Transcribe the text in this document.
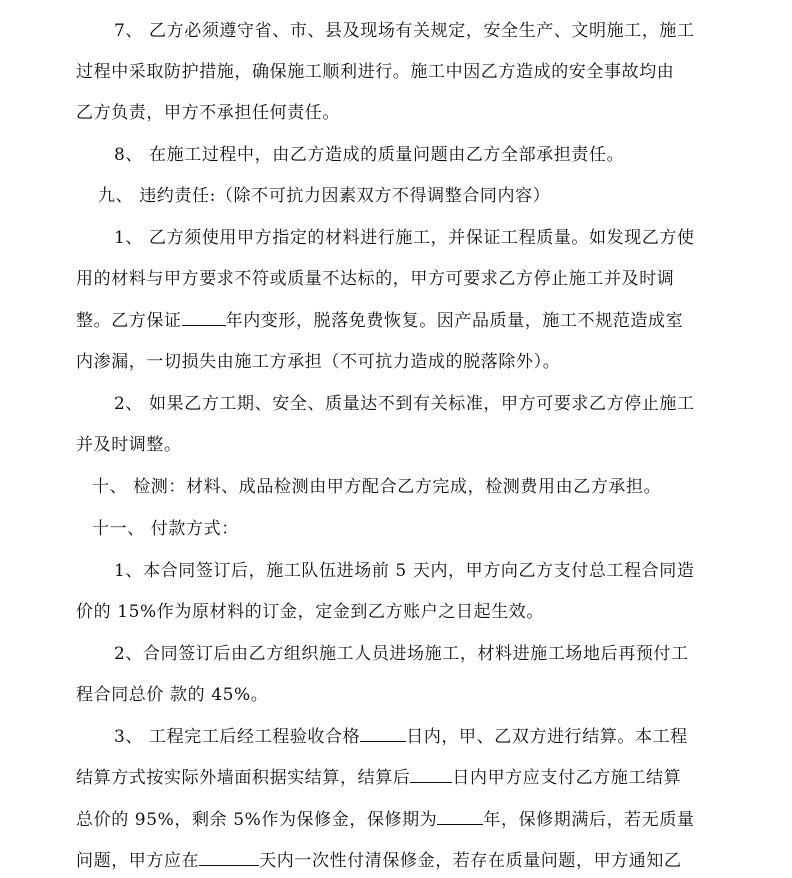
7、 乙方必须遵守省、市、县及现场有关规定，安全生产、文明施工，施工
过程中采取防护措施，确保施工顺利进行。施工中因乙方造成的安全事故均由
乙方负责，甲方不承担任何责任。
8、 在施工过程中，由乙方造成的质量问题由乙方全部承担责任。
九、 违约责任:（除不可抗力因素双方不得调整合同内容）
1、 乙方须使用甲方指定的材料进行施工，并保证工程质量。如发现乙方使
用的材料与甲方要求不符或质量不达标的，甲方可要求乙方停止施工并及时调
整。乙方保证	年内变形，脱落免费恢复。因产品质量，施工不规范造成室
内渗漏，一切损失由施工方承担（不可抗力造成的脱落除外）。
2、 如果乙方工期、安全、质量达不到有关标准，甲方可要求乙方停止施工
并及时调整。
十、 检测：材料、成品检测由甲方配合乙方完成，检测费用由乙方承担。
十一、 付款方式：
1、本合同签订后，施工队伍进场前 5 天内，甲方向乙方支付总工程合同造
价的 15%作为原材料的订金，定金到乙方账户之日起生效。
2、合同签订后由乙方组织施工人员进场施工，材料进施工场地后再预付工
程合同总价 款的 45%。
3、 工程完工后经工程验收合格	日内，甲、乙双方进行结算。本工程
结算方式按实际外墙面积据实结算，结算后 日内甲方应支付乙方施工结算
总价的 95%，剩余 5%作为保修金，保修期为	年，保修期满后，若无质量
问题，甲方应在	天内一次性付清保修金，若存在质量问题，甲方通知乙
